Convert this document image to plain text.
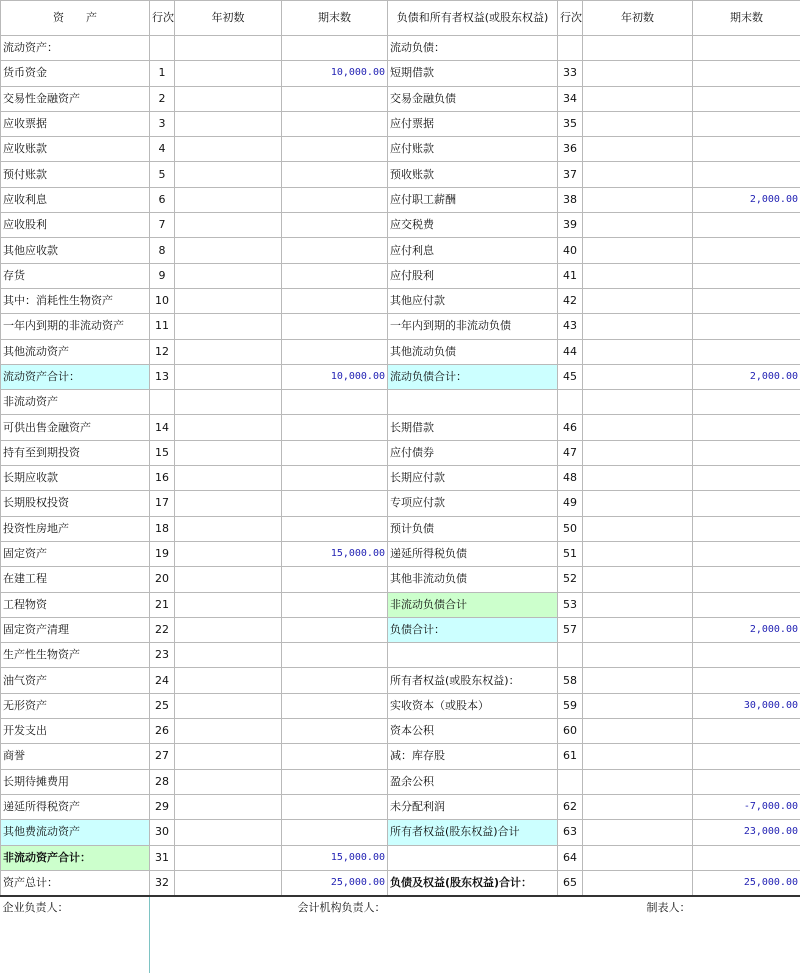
资　　产	行次	年初数	期末数	负债和所有者权益(或股东权益)	行次	年初数	期末数
流动资产：				流动负债：			
货币资金	1		10,000.00	短期借款	33		
交易性金融资产	2			交易金融负债	34		
应收票据	3			应付票据	35		
应收账款	4			应付账款	36		
预付账款	5			预收账款	37		
应收利息	6			应付职工薪酬	38		2,000.00
应收股利	7			应交税费	39		
其他应收款	8			应付利息	40		
存货	9			应付股利	41		
其中：消耗性生物资产	10			其他应付款	42		
一年内到期的非流动资产	11			一年内到期的非流动负债	43		
其他流动资产	12			其他流动负债	44		
流动资产合计：	13		10,000.00	流动负债合计：	45		2,000.00
非流动资产							
可供出售金融资产	14			长期借款	46		
持有至到期投资	15			应付债券	47		
长期应收款	16			长期应付款	48		
长期股权投资	17			专项应付款	49		
投资性房地产	18			预计负债	50		
固定资产	19		15,000.00	递延所得税负债	51		
在建工程	20			其他非流动负债	52		
工程物资	21			非流动负债合计	53		
固定资产清理	22			负债合计：	57		2,000.00
生产性生物资产	23						
油气资产	24			所有者权益(或股东权益)：	58		
无形资产	25			实收资本（或股本）	59		30,000.00
开发支出	26			资本公积	60		
商誉	27			减：库存股	61		
长期待摊费用	28			盈余公积			
递延所得税资产	29			未分配利润	62		-7,000.00
其他费流动资产	30			所有者权益(股东权益)合计	63		23,000.00
非流动资产合计：	31		15,000.00		64		
资产总计：	32		25,000.00	负债及权益(股东权益)合计：	65		25,000.00
企业负责人：			会计机构负责人：			制表人：	
